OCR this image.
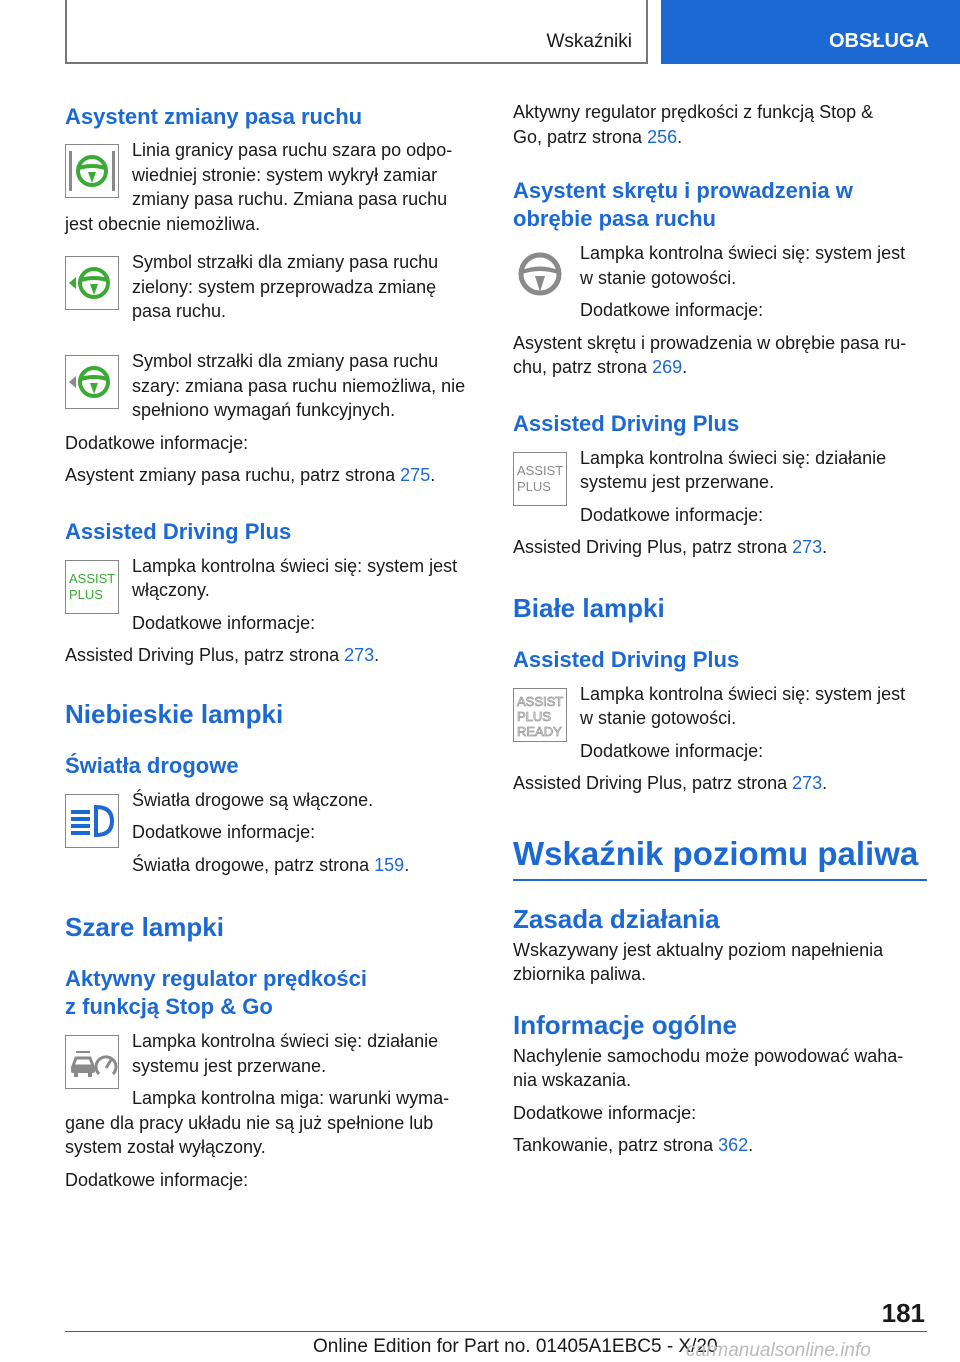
Wskaźniki	OBSŁUGA
Asystent zmiany pasa ruchu

Linia granicy pasa ruchu szara po odpo-

wiedniej stronie: system wykrył zamiar

zmiany pasa ruchu. Zmiana pasa ruchu

jest obecnie niemożliwa.

Symbol strzałki dla zmiany pasa ruchu

zielony: system przeprowadza zmianę

pasa ruchu.

Symbol strzałki dla zmiany pasa ruchu

szary: zmiana pasa ruchu niemożliwa, nie

spełniono wymagań funkcyjnych.

Dodatkowe informacje:

Asystent zmiany pasa ruchu, patrz strona 275.

Assisted Driving Plus
ASSIST
PLUS

Lampka kontrolna świeci się: system jest

włączony.

Dodatkowe informacje:

Assisted Driving Plus, patrz strona 273.

Niebieskie lampki
Światła drogowe

Światła drogowe są włączone.

Dodatkowe informacje:

Światła drogowe, patrz strona 159.

Szare lampki
Aktywny regulator prędkości
z funkcją Stop & Go

Lampka kontrolna świeci się: działanie

systemu jest przerwane.

Lampka kontrolna miga: warunki wyma-

gane dla pracy układu nie są już spełnione lub

system został wyłączony.

Dodatkowe informacje:

Aktywny regulator prędkości z funkcją Stop &

Go, patrz strona 256.

Asystent skrętu i prowadzenia w
obrębie pasa ruchu

Lampka kontrolna świeci się: system jest

w stanie gotowości.

Dodatkowe informacje:

Asystent skrętu i prowadzenia w obrębie pasa ru-

chu, patrz strona 269.

Assisted Driving Plus
ASSIST
PLUS

Lampka kontrolna świeci się: działanie

systemu jest przerwane.

Dodatkowe informacje:

Assisted Driving Plus, patrz strona 273.

Białe lampki
Assisted Driving Plus
ASSIST
PLUS
READY

Lampka kontrolna świeci się: system jest

w stanie gotowości.

Dodatkowe informacje:

Assisted Driving Plus, patrz strona 273.

Wskaźnik poziomu paliwa
Zasada działania

Wskazywany jest aktualny poziom napełnienia

zbiornika paliwa.

Informacje ogólne

Nachylenie samochodu może powodować waha-

nia wskazania.

Dodatkowe informacje:

Tankowanie, patrz strona 362.

181
Online Edition for Part no. 01405A1EBC5 - X/20
carmanualsonline.info
